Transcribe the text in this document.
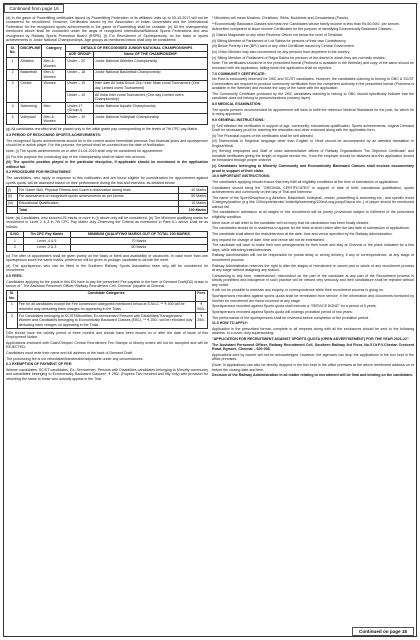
Continued from page 16

(d) In the game of Powerlifting certificates issued by Powerlifting Federation or its affiliated units up to 05-10-2017 will not be considered for recruitment. However, Certificates issued by the Association of Indian Universities and the International Federation for the recognized sports achievements in the game of Powerlifting shall be consider. (e) All the championship mentioned above shall be conducted under the aegis of recognized International/National Sports Federations and also recognized by Railway Sports Promotion Board (RSPB). (f) For Recruitment of Sportspersons, on the basis of sports achievements in Junior National Championships, Age groups as mentioned below shall only be considered:

Sl. No.	DISCIPLINE	Category	DETAILS OF RECOGNISED JUNIOR NATIONAL CHAMPIONSHIPS	
			AGE GROUP	Name OF THE CHAMPIONSHIP
1	Athletics	Men & Women	Under – 20	Junior National Athletics Championship
2	Basketball	Men & Women	Under – 18	Junior National Basketball Championship
3	Cricket	Women	Under – 19	Inter date All India Knock Out / Inter State zonal Tournament (One day Limited overs Tournament)
			Under – 19	All India Inter zonal Tournament (One day Limited overs Championship)
4	Swimming	Men	Under-17 (Group-I)	Junior National Aquatic Championship
5	Volleyball	Men & Women	Under – 19	Junior National Volleyball Championship

(g) All candidates recruited shall be placed only in the initial grade pay corresponding to the levels of 7th CPC pay Matrix.

4.3 PERIOD OF RECKONING SPORTS ACHIEVEMENTS:

The recognised Sports achievements should be in the current and/or immediate previous Two financial years and sportsperson should be in active player. For this purpose, the period shall be counted from the date of Notification.

Note: (i) The sports achievements on or after 01-04-2019 shall only be considered for appointment.

(ii) For this purpose the concluding day of the championship shall be taken into account.

(iii) The specific position played in the particular discipline, if applicable should be mentioned in the application without fail.

5.2 PROCEDURE FOR RECRUITMENT:

The candidates, who apply in response to this notification and are found eligible for consideration for appointment against sports quota, will be assessed based on their performance during the trial and interview, as detailed below:

(i)	For Game Skill, Physical Fitness and Coach's observation during trials	40 Marks
(ii)	For assessment of recognised sports achievements as per Norms	50 Marks
(iii)	Educational Qualification	10 Marks
	Total	100 Marks

Note: (a) Candidates, who secured 25 marks or more in (i) above only will be considered. (b) The Minimum qualifying marks for recruitment in Level 2 & 3 in 7th CPC Pay Matrix duly Observing the Criteria as mentioned in Para 5.1 above shall be as follows:

S.NO.	7th CPC Pay Matrix	MINIMUM QUALIFYING MARKS OUT OF TOTAL 100 MARKS
1	Level -4 & 5	70 Marks
2	Level -2 & 3	60 Marks

(c) The offer of appointment shall be given purely on the basis of Merit and availability of vacancies. In case more than one sportsperson score the same marks, preference will be given to younger candidate to decide the merit.

(d) The sportsperson who can be fitted in the Southern Railway Sports Association team only will be considered for recruitment.

6.0 FEES:

Candidates applying for the posts in this EN have to pay the prescribed Fee payable in the form of Demand Draft(DD) drawn in favour of " The Assistant Personnel Officer/ Railway Recruitment Cell, Chennai" payable at Chennai.

Sl. No.	Candidate Categories	Fees
1	Fee for all candidates except the Fee concession categories mentioned below at S.No.2. ** ₹ 400 will be refunded duly deducting bank charges on appearing in the Trials	₹ 500/-
2	For Candidates belonging to SC/ST/Minorities, Ex-servicemen/ Persons with Disabilities/Transgenders/ Women and Candidates belonging to Economically Backward Classes (EBC). ** ₹ 250/- will be refunded duly deducting bank charges on appearing in the Trials.	₹ 250/-

DDs should have the validity period of three months and should have been issued on or after the date of issue of this Employment Notice.

Applications enclosed with Cash/Cheque/ Central Recruitment Fee Stamps or Money orders will not be accepted and will be REJECTED.

Candidates must write their name and full address at the back of Demand Draft.

The processing fee is not refundable/transferable/adjustable under any circumstances.

6.1 EXEMPTION OF PAYMENT OF FEE:

Women candidates, SC/ST candidates, Ex- Servicemen, Persons with Disabilities candidates belonging to Minority community and candidates belonging to Economically Backward Classes*: ₹ 250/- (Rupees Two hundred and fifty only) with provision for refunding the same to those who actually appear in the Trial.

* Minorities will mean Muslims, Christians, Sikhs, Buddhists and Zoroastrians (Parsis).

**Economically Backward Classes will mean the Candidates whose family income is less than Rs.50,000/- per annum.

Authorities competent to issue Income Certificates for the purpose of identifying Economically Backward Classes:-

(i) District Magistrate or any other Revenue Officer not below the level of Tehsildar.

(ii) Sitting Member of Parliament of Lok Sabha for persons of their own Constituency.

(iii) Below Poverty Line (BPL) card or any other Certificate issued by Central Government.

(iv) Union Minister may also recommend for any persons from anywhere in the country.

(v) Sitting Member of Parliament of Rajya Sabha for persons of the district in which they are normally resides.

Note: The certificates should be in the prescribed format (Proforma is available in the Website) and copy of the same should be enclosed with the application, failing which the application shall be rejected.

7.0 COMMUNITY CERTIFICATE:

No Post is exclusively reserved for OBC and SC/ST candidates. However, the candidates claiming to belong to OBC & SC/ST Communities are required to produce community certificates from the competent authority in the prescribed format (Proforma is available in the Website) and enclose the copy of the same with the application.

The Community Certificate produced by the OBC candidates claiming to belong to OBC should specifically indicate that the candidate does not belong to persons/sections (creamy layer).

8.0 MEDICAL EXAMINATION:

The sports persons recommended for appointment will have to fulfill the minimum Medical Standards for the post, for which he is being appointed.

9.0 GENERAL INSTRUCTIONS:

(i) Self attested the certificates in support of age, community, educational qualification, Sports achievements, original Demand Draft for necessary proof for claiming fee relaxation and other enclosed along with the application form.

(ii) The Photostat copies of the certificates shall be self attested.

(iii) Testimonials in Regional language other than English or Hindi should be accompanied by an attested translation in English/Hindi.

(iv) Serving employees and Staff of close administrative offices of Railway Organisations "No Objection Certificate" and bonafide certificates giving the length of regular service etc., from the employer should be attached and this application should be forwarded through proper channel.

(v) Candidates belonging to Minority Community and Economically Backward Classes shall enclose documentary proof in support of their claim.

10.0 IMPORTANT INSTRUCTIONS:

The candidates applying should ensure that they fulfil all eligibility conditions at the time of submission of applications.

Candidates should bring the "ORIGINAL CERTIFICATES" in support of date of birth, educational qualification, sports achievements and community on the day of Trial and Interview.

The name of the Sport/Discipline e.g Athletics, Basketball, Volleyball, cricket, powerlifting & swimming etc., and specific event /Category/position (e.g like 100m/pole/stroke/ butterfly/swimming/100m/Long-jump/Discus etc.,) of player should be mentioned without fail.

The candidature/ admission at all stages of this recruitment will be purely provisional subject to fulfilment of the prescribed eligibility condition.

Mere issue of call letter to the candidate will not imply that his candidature has been finally cleared.

The candidates should be in readiness to appear for the trials at short notice after the last date of submission of applications.

The candidate shall attend the trials/interview at the date, time and venue specified by the Railway Administration.

Any request for change of date, time and venue will not be entertained.

The candidate will have to make their own arrangements for their travel and stay at Chennai or the place indicated for a few days, while attending trials/interviews.

Railway Administration will not be responsible for postal delay or wrong delivery, if any of correspondence, at any stage of recruitment process.

Railway Administration reserves the right to alter the stages of recruitment or cancel part or whole of any recruitment process at any stage without assigning any reason.

Canvassing in any form, misbehaviour, misconduct on the part of the candidate at any part of the Recruitment process is strictly prohibited and indulgence in such practice will be viewed very seriously and their candidature shall be rejected without any notice.

It will not be possible to entertain any enquiry or correspondence while their recruitment process is going on.

Sportspersons recruited against sports quota shall be terminated from service, if the information and documents furnished by him/her for recruitment are found incorrect at any stage.

Sportspersons recruited against Sports quota shall execute a "SERVICE BOND" for a period of 5 years.

Sportspersons recruited against Sports quota will undergo probation period of two years.

The performance of the sportspersons shall be reviewed before completion of the probation period.

11.0 HOW TO APPLY:

Application in the prescribed format, complete in all respects along with all the enclosures should be sent to the following address, in a cover, duly superscribing:

"APPLICATION FOR RECRUITMENT AGAINST SPORTS QUOTA (OPEN ADVERTISEMENT) FOR THE YEAR 2021-22".

The Assistant Personnel Officer, Railway Recruitment Cell, Southern Railway 3rd Floor, No.5 Dr.P.V.Cherian Crescent Road, Egmore, Chennai – 600 008.

Applications sent by courier will not be acknowledged. However, the agencies can drop the applications in the box kept in the office premises.

(Note: In applications can also be directly dropped in the box kept in the office premises at the above mentioned address on or before the closing date and time.

Decision of the Railway Administration in all matter relating to recruitment will be final and binding on the candidates.

Continued on page 18
